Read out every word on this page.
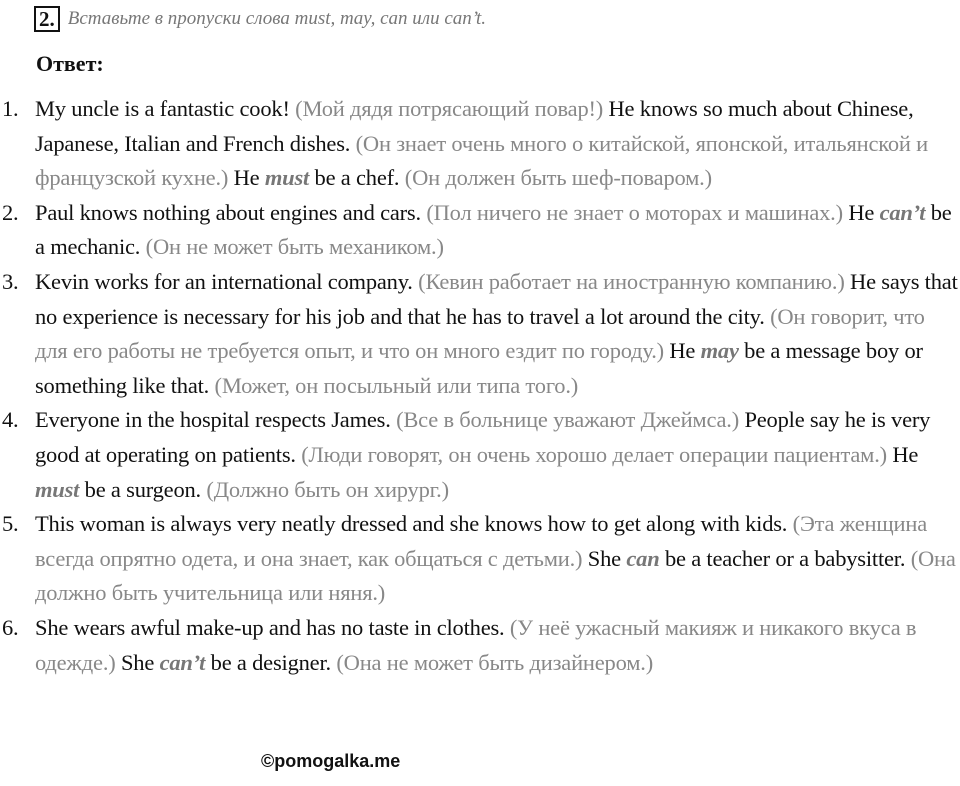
2. Вставьте в пропуски слова must, may, can или can’t.
Ответ:
1. My uncle is a fantastic cook! (Мой дядя потрясающий повар!) He knows so much about Chinese, Japanese, Italian and French dishes. (Он знает очень много о китайской, японской, итальянской и французской кухне.) He must be a chef. (Он должен быть шеф-поваром.)
2. Paul knows nothing about engines and cars. (Пол ничего не знает о моторах и машинах.) He can’t be a mechanic. (Он не может быть механиком.)
3. Kevin works for an international company. (Кевин работает на иностранную компанию.) He says that no experience is necessary for his job and that he has to travel a lot around the city. (Он говорит, что для его работы не требуется опыт, и что он много ездит по городу.) He may be a message boy or something like that. (Может, он посыльный или типа того.)
4. Everyone in the hospital respects James. (Все в больнице уважают Джеймса.) People say he is very good at operating on patients. (Люди говорят, он очень хорошо делает операции пациентам.) He must be a surgeon. (Должно быть он хирург.)
5. This woman is always very neatly dressed and she knows how to get along with kids. (Эта женщина всегда опрятно одета, и она знает, как общаться с детьми.) She can be a teacher or a babysitter. (Она должно быть учительница или няня.)
6. She wears awful make-up and has no taste in clothes. (У неё ужасный макияж и никакого вкуса в одежде.) She can’t be a designer. (Она не может быть дизайнером.)
©pomogalka.me
